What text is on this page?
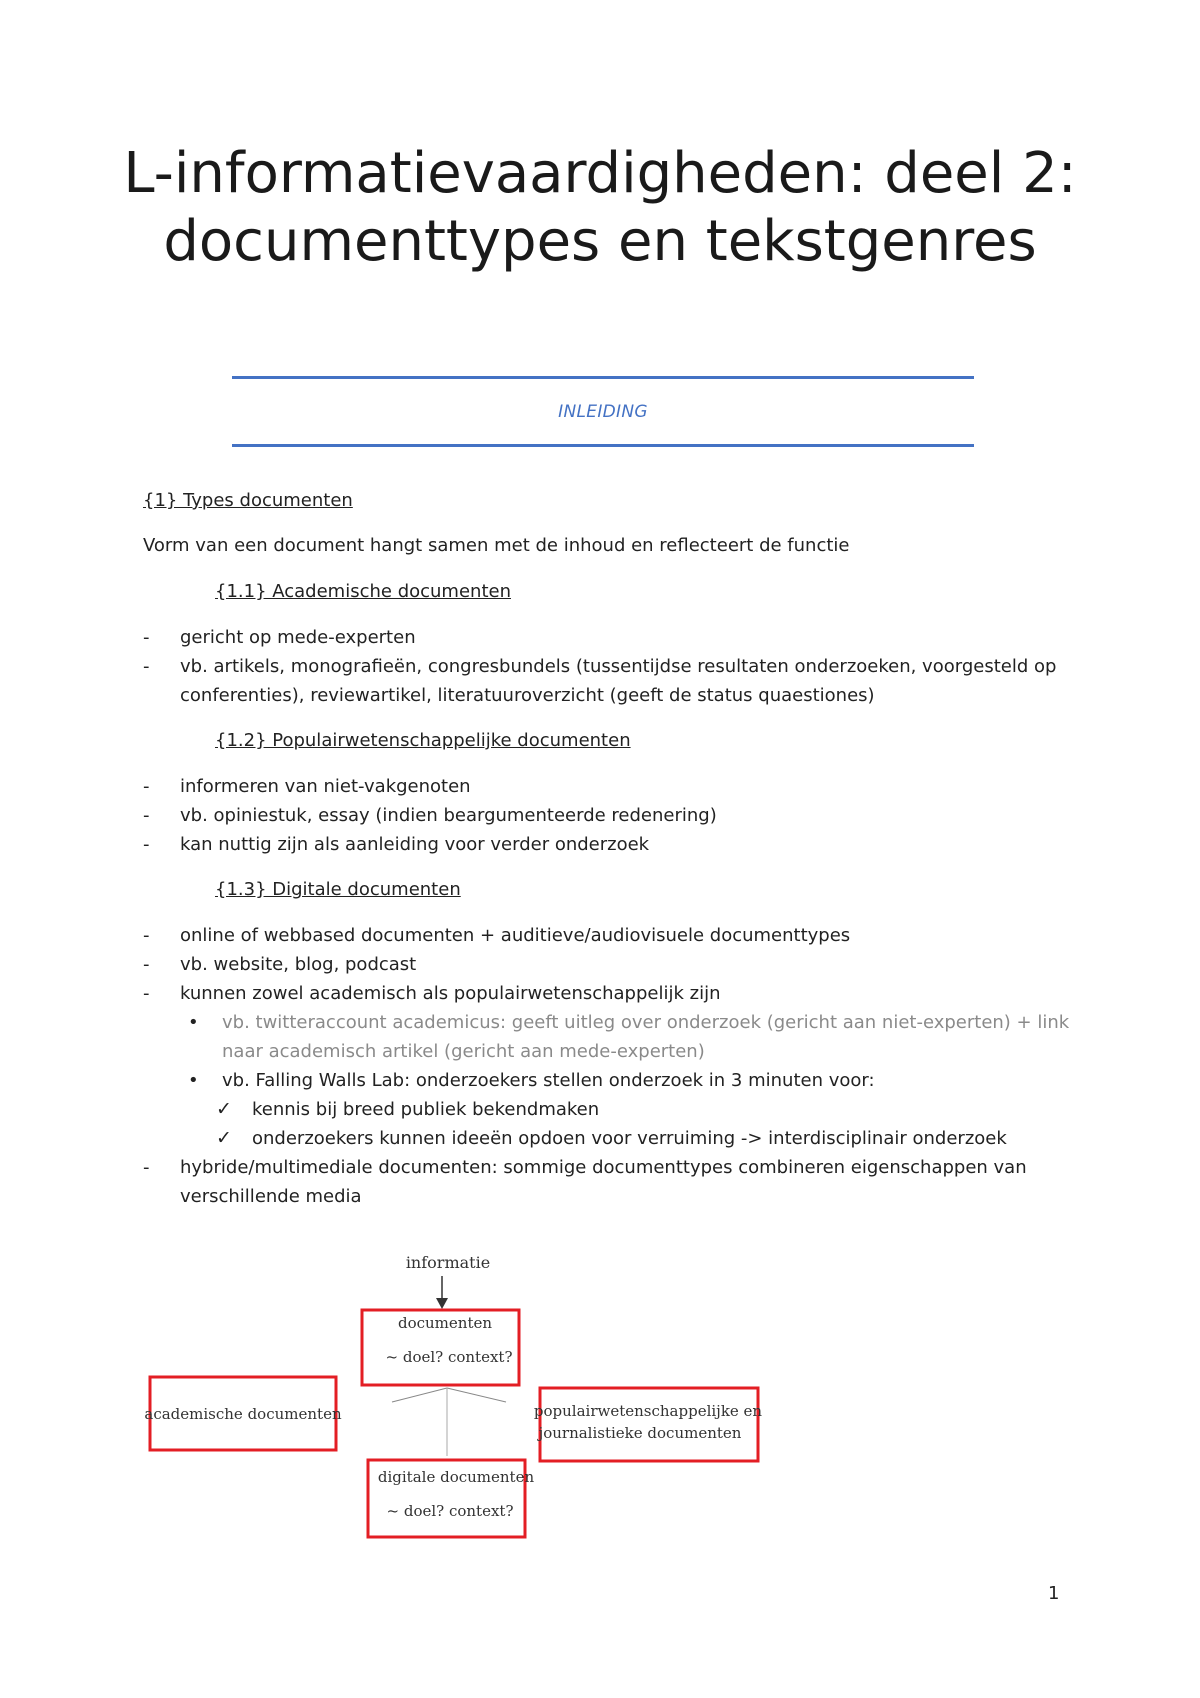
L-informatievaardigheden: deel 2: documenttypes en tekstgenres
INLEIDING
{1} Types documenten
Vorm van een document hangt samen met de inhoud en reflecteert de functie
{1.1} Academische documenten
- gericht op mede-experten
- vb. artikels, monografieën, congresbundels (tussentijdse resultaten onderzoeken, voorgesteld op conferenties), reviewartikel, literatuuroverzicht (geeft de status quaestiones)
{1.2} Populairwetenschappelijke documenten
- informeren van niet-vakgenoten
- vb. opiniestuk, essay (indien beargumenteerde redenering)
- kan nuttig zijn als aanleiding voor verder onderzoek
{1.3} Digitale documenten
- online of webbased documenten + auditieve/audiovisuele documenttypes
- vb. website, blog, podcast
- kunnen zowel academisch als populairwetenschappelijk zijn
• vb. twitteraccount academicus: geeft uitleg over onderzoek (gericht aan niet-experten) + link naar academisch artikel (gericht aan mede-experten)
• vb. Falling Walls Lab: onderzoekers stellen onderzoek in 3 minuten voor:
✓ kennis bij breed publiek bekendmaken
✓ onderzoekers kunnen ideeën opdoen voor verruiming -> interdisciplinair onderzoek
- hybride/multimediale documenten: sommige documenttypes combineren eigenschappen van verschillende media
informatie
documenten
~ doel? context?
academische documenten	populairwetenschappelijke en
journalistieke documenten
digitale documenten
~ doel? context?
1
